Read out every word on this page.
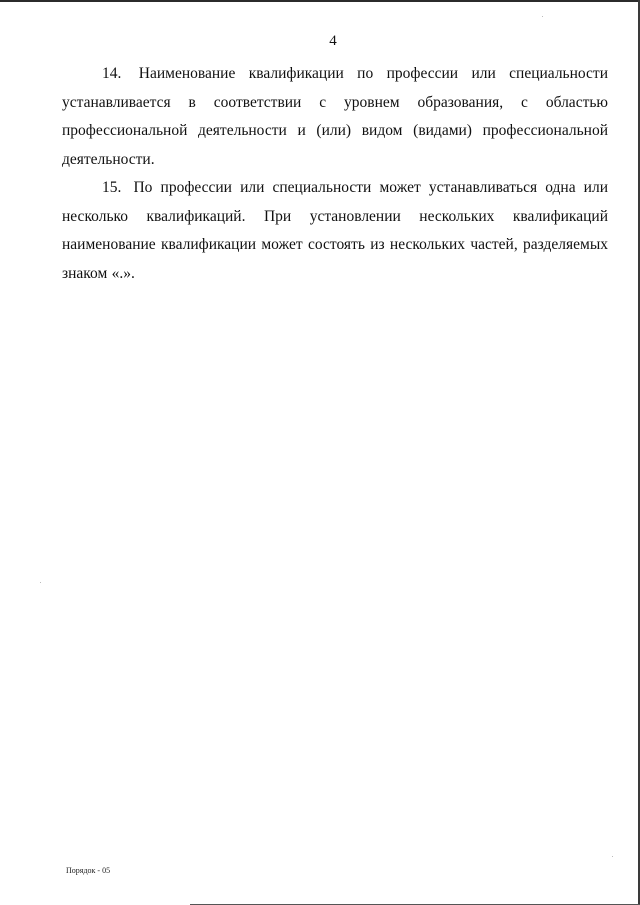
4

14. Наименование квалификации по профессии или специальности устанавливается в соответствии с уровнем образования, с областью профессиональной деятельности и (или) видом (видами) профессиональной деятельности.

15. По профессии или специальности может устанавливаться одна или несколько квалификаций. При установлении нескольких квалификаций наименование квалификации может состоять из нескольких частей, разделяемых знаком «.».

Порядок - 05
